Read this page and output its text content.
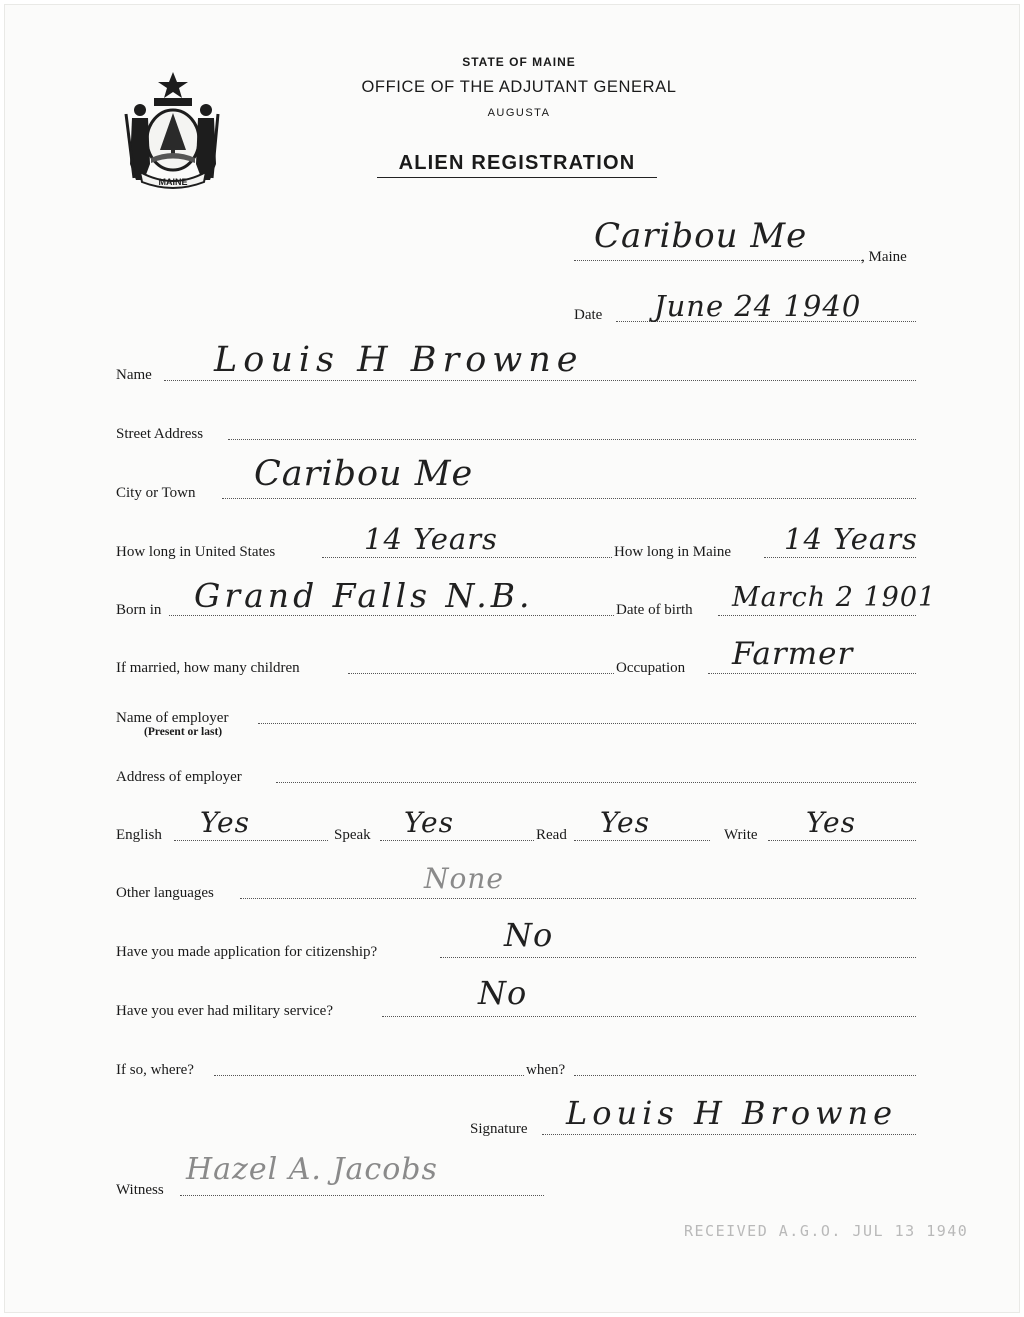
MAINE
STATE OF MAINE
OFFICE OF THE ADJUTANT GENERAL
AUGUSTA
ALIEN REGISTRATION
Caribou Me
, Maine
Date June 24 1940
Name Louis H Browne
Street Address
City or Town Caribou Me
How long in United States	14 Years	How long in Maine 14 Years
Born in Grand Falls N.B.	Date of birth March 2 1901
If married, how many children	Occupation Farmer
Name of employer
(Present or last)
Address of employer
English Yes	Speak Yes	Read Yes	Write Yes
Other languages	None
Have you made application for citizenship?	No
Have you ever had military service?	No
If so, where?	when?
Signature Louis H Browne
Witness
Hazel A. Jacobs
RECEIVED A.G.O. JUL 13 1940
